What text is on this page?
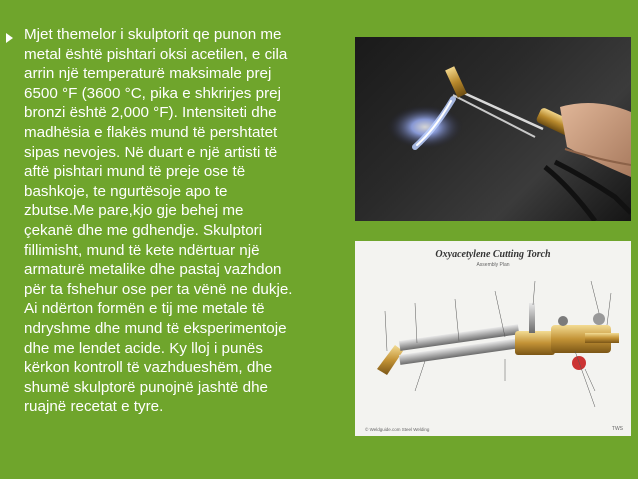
Mjet themelor i skulptorit qe punon me
metal është pishtari oksi acetilen, e cila
arrin një temperaturë maksimale prej
6500 °F (3600 °C, pika e shkrirjes prej
bronzi është 2,000 °F). Intensiteti dhe
madhësia e flakës mund të pershtatet
sipas nevojes. Në duart e një artisti të
aftë pishtari mund të preje ose të
bashkoje, te ngurtësoje apo te
zbutse.Me pare,kjo gje behej me
çekanë dhe me gdhendje. Skulptori
fillimisht, mund të kete ndërtuar një
armaturë metalike dhe pastaj vazhdon
për ta fshehur ose per ta vënë ne dukje.
Ai ndërton formën e tij me metale të
ndryshme dhe mund të eksperimentoje
dhe me lendet acide. Ky lloj i punës
kërkon kontroll të vazhdueshëm, dhe
shumë skulptorë punojnë jashtë dhe
ruajnë recetat e tyre.

Oxyacetylene Cutting Torch
Assembly Plan
© Weldguide.com Steel Welding	TWS
